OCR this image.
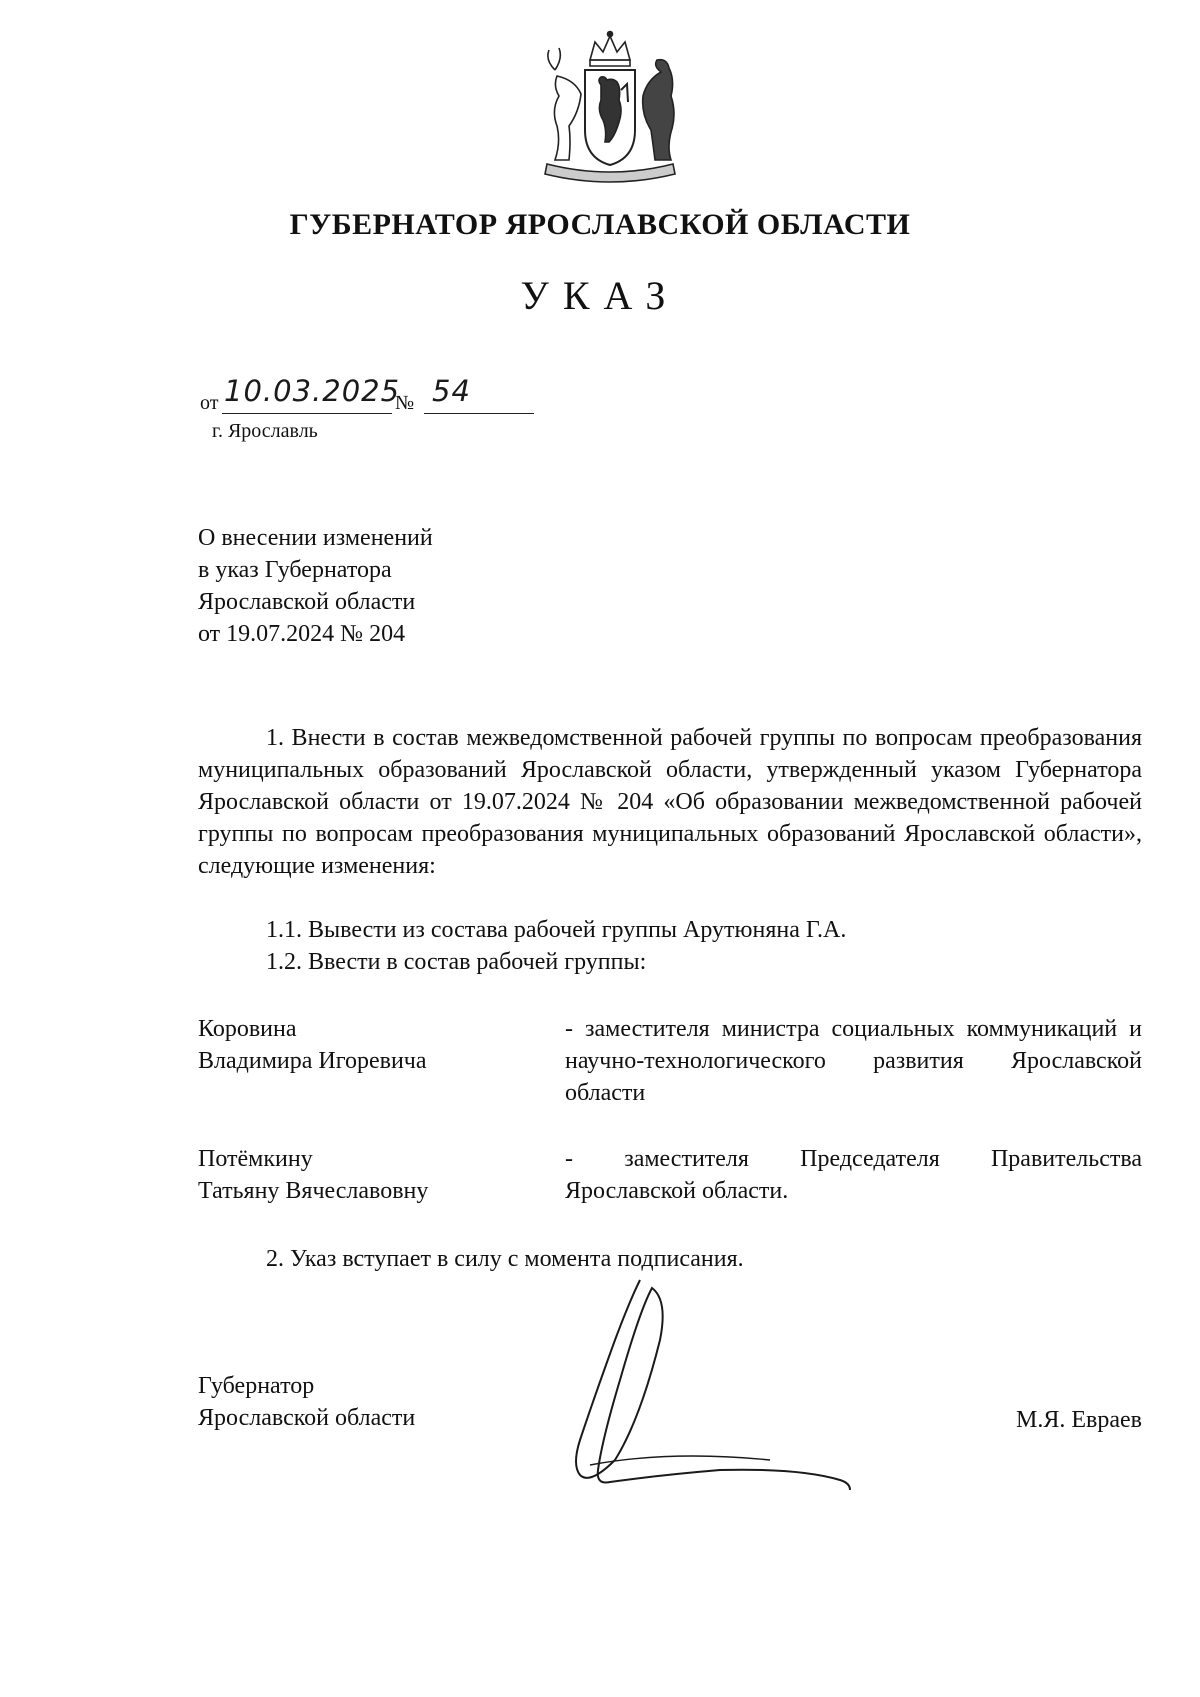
ГУБЕРНАТОР ЯРОСЛАВСКОЙ ОБЛАСТИ
УКАЗ
от 10.03.2025
№ 54
г. Ярославль
О внесении изменений
в указ Губернатора
Ярославской области
от 19.07.2024 № 204
1. Внести в состав межведомственной рабочей группы по вопросам преобразования муниципальных образований Ярославской области, утвержденный указом Губернатора Ярославской области от 19.07.2024 № 204 «Об образовании межведомственной рабочей группы по вопросам преобразования муниципальных образований Ярославской области», следующие изменения:
1.1. Вывести из состава рабочей группы Арутюняна Г.А.
1.2. Ввести в состав рабочей группы:
Коровина
Владимира Игоревича
- заместителя министра социальных коммуникаций и научно-технологического развития Ярославской области
Потёмкину
Татьяну Вячеславовну
- заместителя Председателя Правительства Ярославской области.
2. Указ вступает в силу с момента подписания.
Губернатор
Ярославской области	М.Я. Евраев
